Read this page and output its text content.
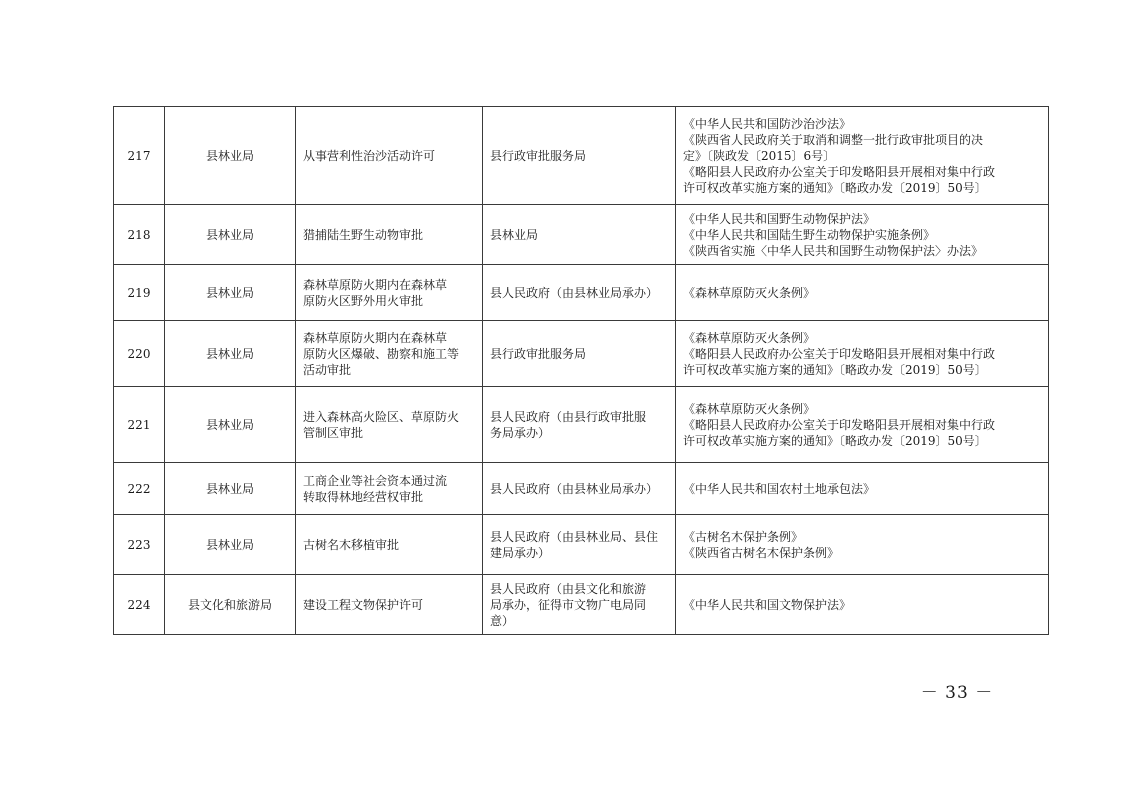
217	县林业局	从事营利性治沙活动许可	县行政审批服务局	《中华人民共和国防沙治沙法》
《陕西省人民政府关于取消和调整一批行政审批项目的决
定》〔陕政发〔2015〕6号〕
《略阳县人民政府办公室关于印发略阳县开展相对集中行政
许可权改革实施方案的通知》〔略政办发〔2019〕50号〕

218	县林业局	猎捕陆生野生动物审批	县林业局	《中华人民共和国野生动物保护法》
《中华人民共和国陆生野生动物保护实施条例》
《陕西省实施〈中华人民共和国野生动物保护法〉办法》

219	县林业局	森林草原防火期内在森林草
原防火区野外用火审批	县人民政府（由县林业局承办）	《森林草原防灭火条例》

220	县林业局	森林草原防火期内在森林草
原防火区爆破、勘察和施工等
活动审批	县行政审批服务局	《森林草原防灭火条例》
《略阳县人民政府办公室关于印发略阳县开展相对集中行政
许可权改革实施方案的通知》〔略政办发〔2019〕50号〕

221	县林业局	进入森林高火险区、草原防火
管制区审批	县人民政府（由县行政审批服
务局承办）	《森林草原防灭火条例》
《略阳县人民政府办公室关于印发略阳县开展相对集中行政
许可权改革实施方案的通知》〔略政办发〔2019〕50号〕

222	县林业局	工商企业等社会资本通过流
转取得林地经营权审批	县人民政府（由县林业局承办）	《中华人民共和国农村土地承包法》

223	县林业局	古树名木移植审批	县人民政府（由县林业局、县住
建局承办）	《古树名木保护条例》
《陕西省古树名木保护条例》

224	县文化和旅游局	建设工程文物保护许可	县人民政府（由县文化和旅游
局承办，征得市文物广电局同
意）	《中华人民共和国文物保护法》
－ 33 －
